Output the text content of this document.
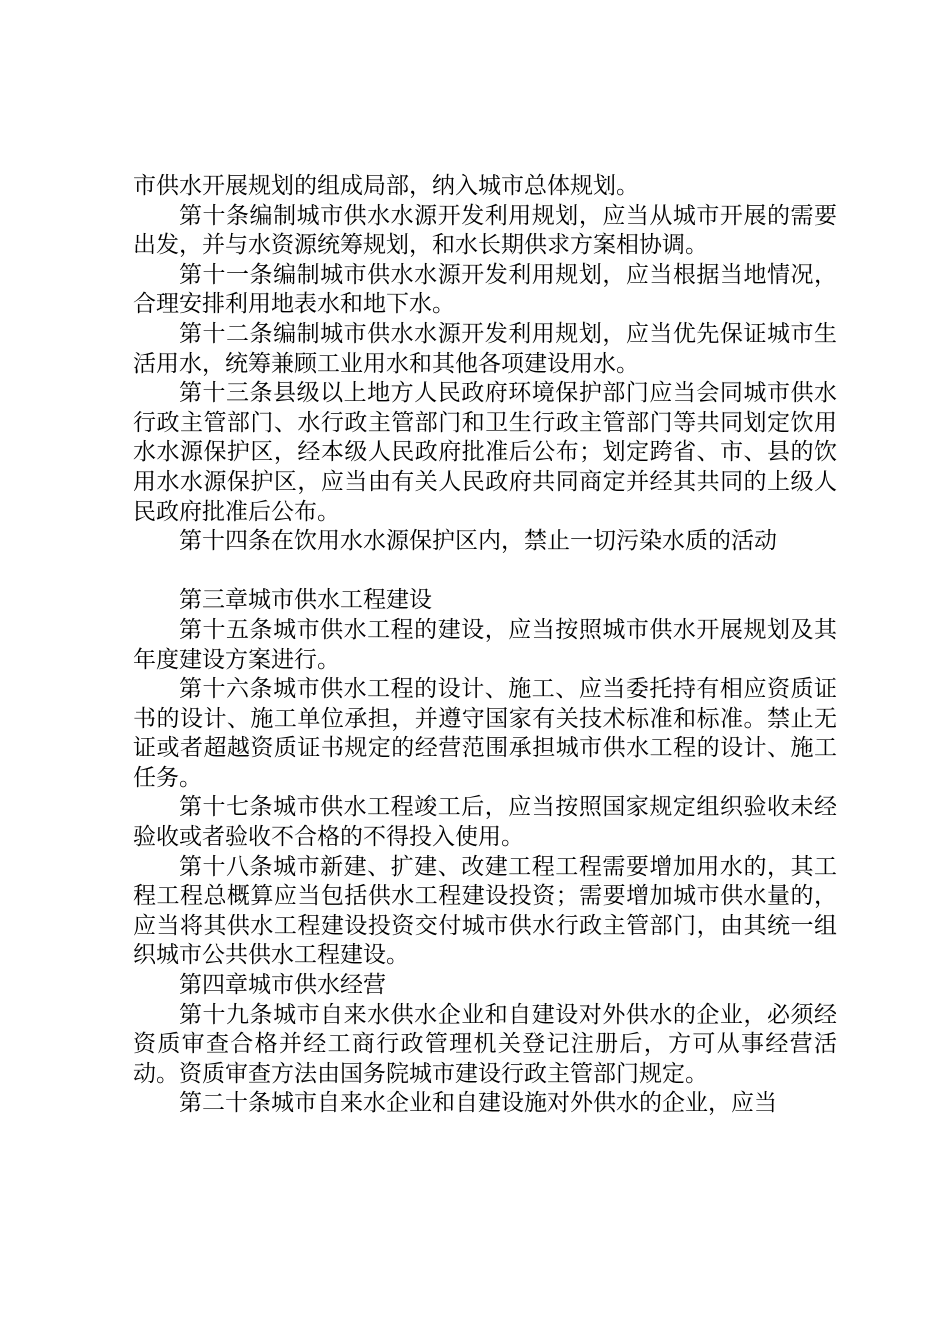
市供水开展规划的组成局部，纳入城市总体规划。

第十条编制城市供水水源开发利用规划，应当从城市开展的需要出发，并与水资源统筹规划，和水长期供求方案相协调。

第十一条编制城市供水水源开发利用规划，应当根据当地情况，合理安排利用地表水和地下水。

第十二条编制城市供水水源开发利用规划，应当优先保证城市生活用水，统筹兼顾工业用水和其他各项建设用水。

第十三条县级以上地方人民政府环境保护部门应当会同城市供水行政主管部门、水行政主管部门和卫生行政主管部门等共同划定饮用水水源保护区，经本级人民政府批准后公布；划定跨省、市、县的饮用水水源保护区，应当由有关人民政府共同商定并经其共同的上级人民政府批准后公布。

第十四条在饮用水水源保护区内，禁止一切污染水质的活动

第三章城市供水工程建设

第十五条城市供水工程的建设，应当按照城市供水开展规划及其年度建设方案进行。

第十六条城市供水工程的设计、施工、应当委托持有相应资质证书的设计、施工单位承担，并遵守国家有关技术标准和标准。禁止无证或者超越资质证书规定的经营范围承担城市供水工程的设计、施工任务。

第十七条城市供水工程竣工后，应当按照国家规定组织验收未经验收或者验收不合格的不得投入使用。

第十八条城市新建、扩建、改建工程工程需要增加用水的，其工程工程总概算应当包括供水工程建设投资；需要增加城市供水量的，应当将其供水工程建设投资交付城市供水行政主管部门，由其统一组织城市公共供水工程建设。

第四章城市供水经营

第十九条城市自来水供水企业和自建设对外供水的企业，必须经资质审查合格并经工商行政管理机关登记注册后，方可从事经营活动。资质审查方法由国务院城市建设行政主管部门规定。

第二十条城市自来水企业和自建设施对外供水的企业，应当
